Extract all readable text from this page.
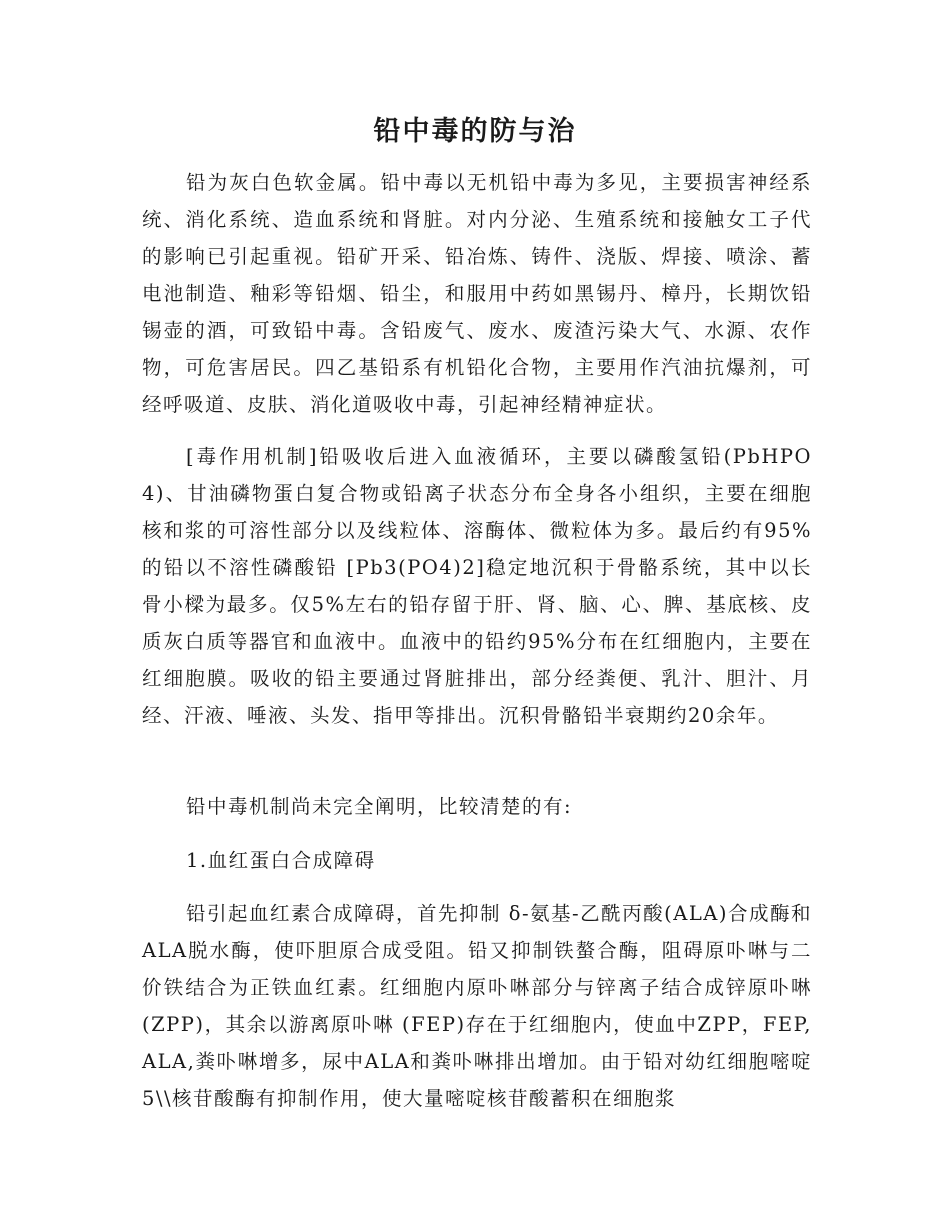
铅中毒的防与治

铅为灰白色软金属。铅中毒以无机铅中毒为多见，主要损害神经系统、消化系统、造血系统和肾脏。对内分泌、生殖系统和接触女工子代的影响已引起重视。铅矿开采、铅冶炼、铸件、浇版、焊接、喷涂、蓄电池制造、釉彩等铅烟、铅尘，和服用中药如黑锡丹、樟丹，长期饮铅锡壶的酒，可致铅中毒。含铅废气、废水、废渣污染大气、水源、农作物，可危害居民。四乙基铅系有机铅化合物，主要用作汽油抗爆剂，可经呼吸道、皮肤、消化道吸收中毒，引起神经精神症状。

[毒作用机制]铅吸收后进入血液循环，主要以磷酸氢铅(PbHPO4)、甘油磷物蛋白复合物或铅离子状态分布全身各小组织，主要在细胞核和浆的可溶性部分以及线粒体、溶酶体、微粒体为多。最后约有95%的铅以不溶性磷酸铅 [Pb3(PO4)2]稳定地沉积于骨骼系统，其中以长骨小樑为最多。仅5%左右的铅存留于肝、肾、脑、心、脾、基底核、皮质灰白质等器官和血液中。血液中的铅约95%分布在红细胞内，主要在红细胞膜。吸收的铅主要通过肾脏排出，部分经粪便、乳汁、胆汁、月经、汗液、唾液、头发、指甲等排出。沉积骨骼铅半衰期约20余年。

铅中毒机制尚未完全阐明，比较清楚的有:

1.血红蛋白合成障碍

铅引起血红素合成障碍，首先抑制 δ-氨基-乙酰丙酸(ALA)合成酶和ALA脱水酶，使吓胆原合成受阻。铅又抑制铁螯合酶，阻碍原卟啉与二价铁结合为正铁血红素。红细胞内原卟啉部分与锌离子结合成锌原卟啉(ZPP)，其余以游离原卟啉 (FEP)存在于红细胞内，使血中ZPP，FEP,ALA,粪卟啉增多，尿中ALA和粪卟啉排出增加。由于铅对幼红细胞嘧啶5\\核苷酸酶有抑制作用，使大量嘧啶核苷酸蓄积在细胞浆
